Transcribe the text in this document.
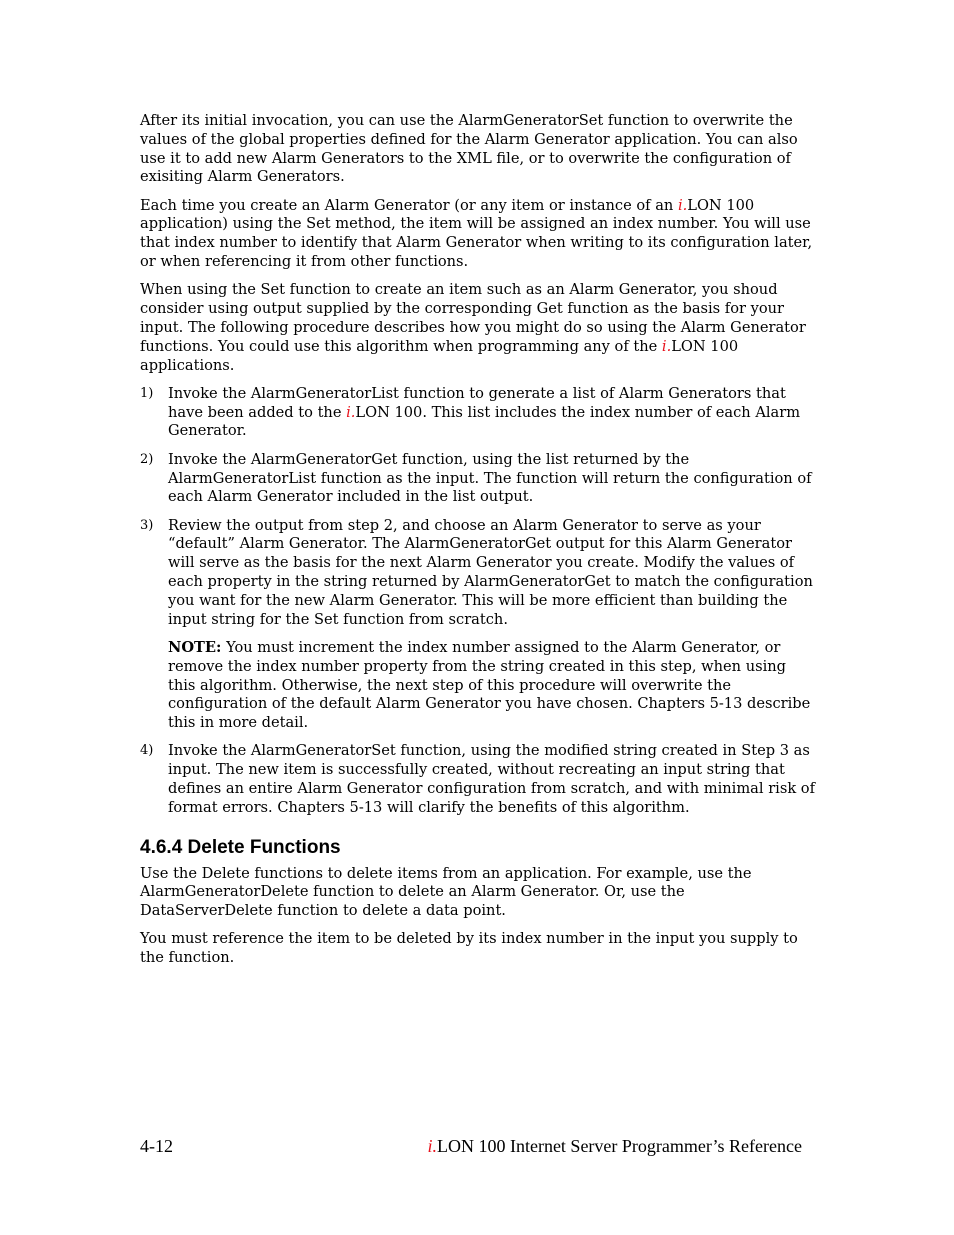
After its initial invocation, you can use the AlarmGeneratorSet function to overwrite the values of the global properties defined for the Alarm Generator application. You can also use it to add new Alarm Generators to the XML file, or to overwrite the configuration of exisiting Alarm Generators.

Each time you create an Alarm Generator (or any item or instance of an i.LON 100 application) using the Set method, the item will be assigned an index number. You will use that index number to identify that Alarm Generator when writing to its configuration later, or when referencing it from other functions.

When using the Set function to create an item such as an Alarm Generator, you shoud consider using output supplied by the corresponding Get function as the basis for your input. The following procedure describes how you might do so using the Alarm Generator functions. You could use this algorithm when programming any of the i.LON 100 applications.

1) Invoke the AlarmGeneratorList function to generate a list of Alarm Generators that have been added to the i.LON 100. This list includes the index number of each Alarm Generator.
2) Invoke the AlarmGeneratorGet function, using the list returned by the AlarmGeneratorList function as the input. The function will return the configuration of each Alarm Generator included in the list output.
3) Review the output from step 2, and choose an Alarm Generator to serve as your “default” Alarm Generator. The AlarmGeneratorGet output for this Alarm Generator will serve as the basis for the next Alarm Generator you create. Modify the values of each property in the string returned by AlarmGeneratorGet to match the configuration you want for the new Alarm Generator. This will be more efficient than building the input string for the Set function from scratch.
NOTE: You must increment the index number assigned to the Alarm Generator, or remove the index number property from the string created in this step, when using this algorithm. Otherwise, the next step of this procedure will overwrite the configuration of the default Alarm Generator you have chosen. Chapters 5-13 describe this in more detail.
4) Invoke the AlarmGeneratorSet function, using the modified string created in Step 3 as input. The new item is successfully created, without recreating an input string that defines an entire Alarm Generator configuration from scratch, and with minimal risk of format errors. Chapters 5-13 will clarify the benefits of this algorithm.
4.6.4 Delete Functions

Use the Delete functions to delete items from an application. For example, use the AlarmGeneratorDelete function to delete an Alarm Generator. Or, use the DataServerDelete function to delete a data point.

You must reference the item to be deleted by its index number in the input you supply to the function.

4-12	i.LON 100 Internet Server Programmer’s Reference
